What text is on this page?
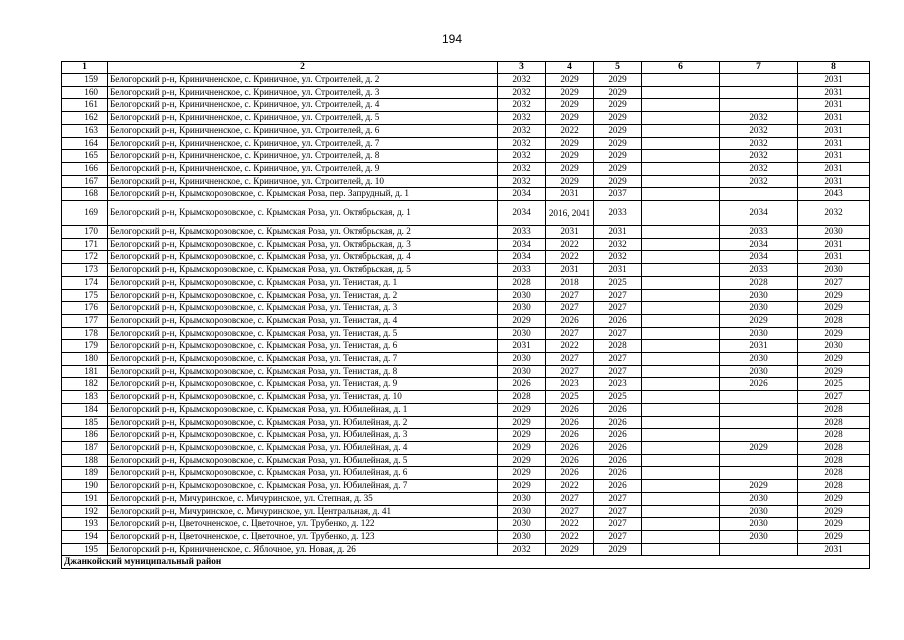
194
1	2	3	4	5	6	7	8
159	Белогорский р-н, Криничненское, с. Криничное, ул. Строителей, д. 2	2032	2029	2029			2031
160	Белогорский р-н, Криничненское, с. Криничное, ул. Строителей, д. 3	2032	2029	2029			2031
161	Белогорский р-н, Криничненское, с. Криничное, ул. Строителей, д. 4	2032	2029	2029			2031
162	Белогорский р-н, Криничненское, с. Криничное, ул. Строителей, д. 5	2032	2029	2029		2032	2031
163	Белогорский р-н, Криничненское, с. Криничное, ул. Строителей, д. 6	2032	2022	2029		2032	2031
164	Белогорский р-н, Криничненское, с. Криничное, ул. Строителей, д. 7	2032	2029	2029		2032	2031
165	Белогорский р-н, Криничненское, с. Криничное, ул. Строителей, д. 8	2032	2029	2029		2032	2031
166	Белогорский р-н, Криничненское, с. Криничное, ул. Строителей, д. 9	2032	2029	2029		2032	2031
167	Белогорский р-н, Криничненское, с. Криничное, ул. Строителей, д. 10	2032	2029	2029		2032	2031
168	Белогорский р-н, Крымскорозовское, с. Крымская Роза, пер. Запрудный, д. 1	2034	2031	2037			2043
169	Белогорский р-н, Крымскорозовское, с. Крымская Роза, ул. Октябрьская, д. 1	2034	2016, 2041	2033		2034	2032
170	Белогорский р-н, Крымскорозовское, с. Крымская Роза, ул. Октябрьская, д. 2	2033	2031	2031		2033	2030
171	Белогорский р-н, Крымскорозовское, с. Крымская Роза, ул. Октябрьская, д. 3	2034	2022	2032		2034	2031
172	Белогорский р-н, Крымскорозовское, с. Крымская Роза, ул. Октябрьская, д. 4	2034	2022	2032		2034	2031
173	Белогорский р-н, Крымскорозовское, с. Крымская Роза, ул. Октябрьская, д. 5	2033	2031	2031		2033	2030
174	Белогорский р-н, Крымскорозовское, с. Крымская Роза, ул. Тенистая, д. 1	2028	2018	2025		2028	2027
175	Белогорский р-н, Крымскорозовское, с. Крымская Роза, ул. Тенистая, д. 2	2030	2027	2027		2030	2029
176	Белогорский р-н, Крымскорозовское, с. Крымская Роза, ул. Тенистая, д. 3	2030	2027	2027		2030	2029
177	Белогорский р-н, Крымскорозовское, с. Крымская Роза, ул. Тенистая, д. 4	2029	2026	2026		2029	2028
178	Белогорский р-н, Крымскорозовское, с. Крымская Роза, ул. Тенистая, д. 5	2030	2027	2027		2030	2029
179	Белогорский р-н, Крымскорозовское, с. Крымская Роза, ул. Тенистая, д. 6	2031	2022	2028		2031	2030
180	Белогорский р-н, Крымскорозовское, с. Крымская Роза, ул. Тенистая, д. 7	2030	2027	2027		2030	2029
181	Белогорский р-н, Крымскорозовское, с. Крымская Роза, ул. Тенистая, д. 8	2030	2027	2027		2030	2029
182	Белогорский р-н, Крымскорозовское, с. Крымская Роза, ул. Тенистая, д. 9	2026	2023	2023		2026	2025
183	Белогорский р-н, Крымскорозовское, с. Крымская Роза, ул. Тенистая, д. 10	2028	2025	2025			2027
184	Белогорский р-н, Крымскорозовское, с. Крымская Роза, ул. Юбилейная, д. 1	2029	2026	2026			2028
185	Белогорский р-н, Крымскорозовское, с. Крымская Роза, ул. Юбилейная, д. 2	2029	2026	2026			2028
186	Белогорский р-н, Крымскорозовское, с. Крымская Роза, ул. Юбилейная, д. 3	2029	2026	2026			2028
187	Белогорский р-н, Крымскорозовское, с. Крымская Роза, ул. Юбилейная, д. 4	2029	2026	2026		2029	2028
188	Белогорский р-н, Крымскорозовское, с. Крымская Роза, ул. Юбилейная, д. 5	2029	2026	2026			2028
189	Белогорский р-н, Крымскорозовское, с. Крымская Роза, ул. Юбилейная, д. 6	2029	2026	2026			2028
190	Белогорский р-н, Крымскорозовское, с. Крымская Роза, ул. Юбилейная, д. 7	2029	2022	2026		2029	2028
191	Белогорский р-н, Мичуринское, с. Мичуринское, ул. Степная, д. 35	2030	2027	2027		2030	2029
192	Белогорский р-н, Мичуринское, с. Мичуринское, ул. Центральная, д. 41	2030	2027	2027		2030	2029
193	Белогорский р-н, Цветочненское, с. Цветочное, ул. Трубенко, д. 122	2030	2022	2027		2030	2029
194	Белогорский р-н, Цветочненское, с. Цветочное, ул. Трубенко, д. 123	2030	2022	2027		2030	2029
195	Белогорский р-н, Криничненское, с. Яблочное, ул. Новая, д. 26	2032	2029	2029			2031
Джанкойский муниципальный район							
